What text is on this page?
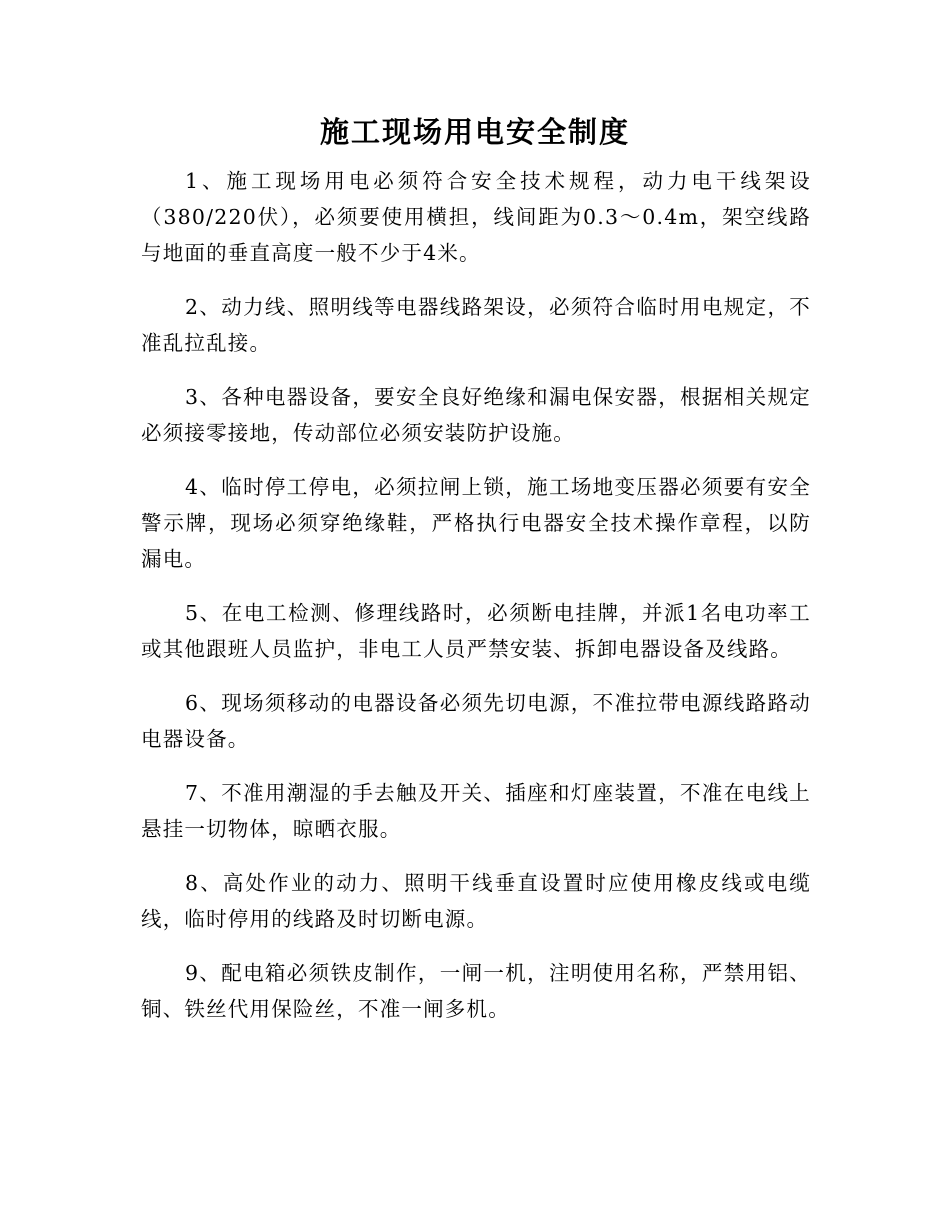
施工现场用电安全制度

1、施工现场用电必须符合安全技术规程，动力电干线架设（380/220伏），必须要使用横担，线间距为0.3～0.4m，架空线路与地面的垂直高度一般不少于4米。

2、动力线、照明线等电器线路架设，必须符合临时用电规定，不准乱拉乱接。

3、各种电器设备，要安全良好绝缘和漏电保安器，根据相关规定必须接零接地，传动部位必须安装防护设施。

4、临时停工停电，必须拉闸上锁，施工场地变压器必须要有安全警示牌，现场必须穿绝缘鞋，严格执行电器安全技术操作章程，以防漏电。

5、在电工检测、修理线路时，必须断电挂牌，并派1名电功率工或其他跟班人员监护，非电工人员严禁安装、拆卸电器设备及线路。

6、现场须移动的电器设备必须先切电源，不准拉带电源线路路动电器设备。

7、不准用潮湿的手去触及开关、插座和灯座装置，不准在电线上悬挂一切物体，晾晒衣服。

8、高处作业的动力、照明干线垂直设置时应使用橡皮线或电缆线，临时停用的线路及时切断电源。

9、配电箱必须铁皮制作，一闸一机，注明使用名称，严禁用铝、铜、铁丝代用保险丝，不准一闸多机。
